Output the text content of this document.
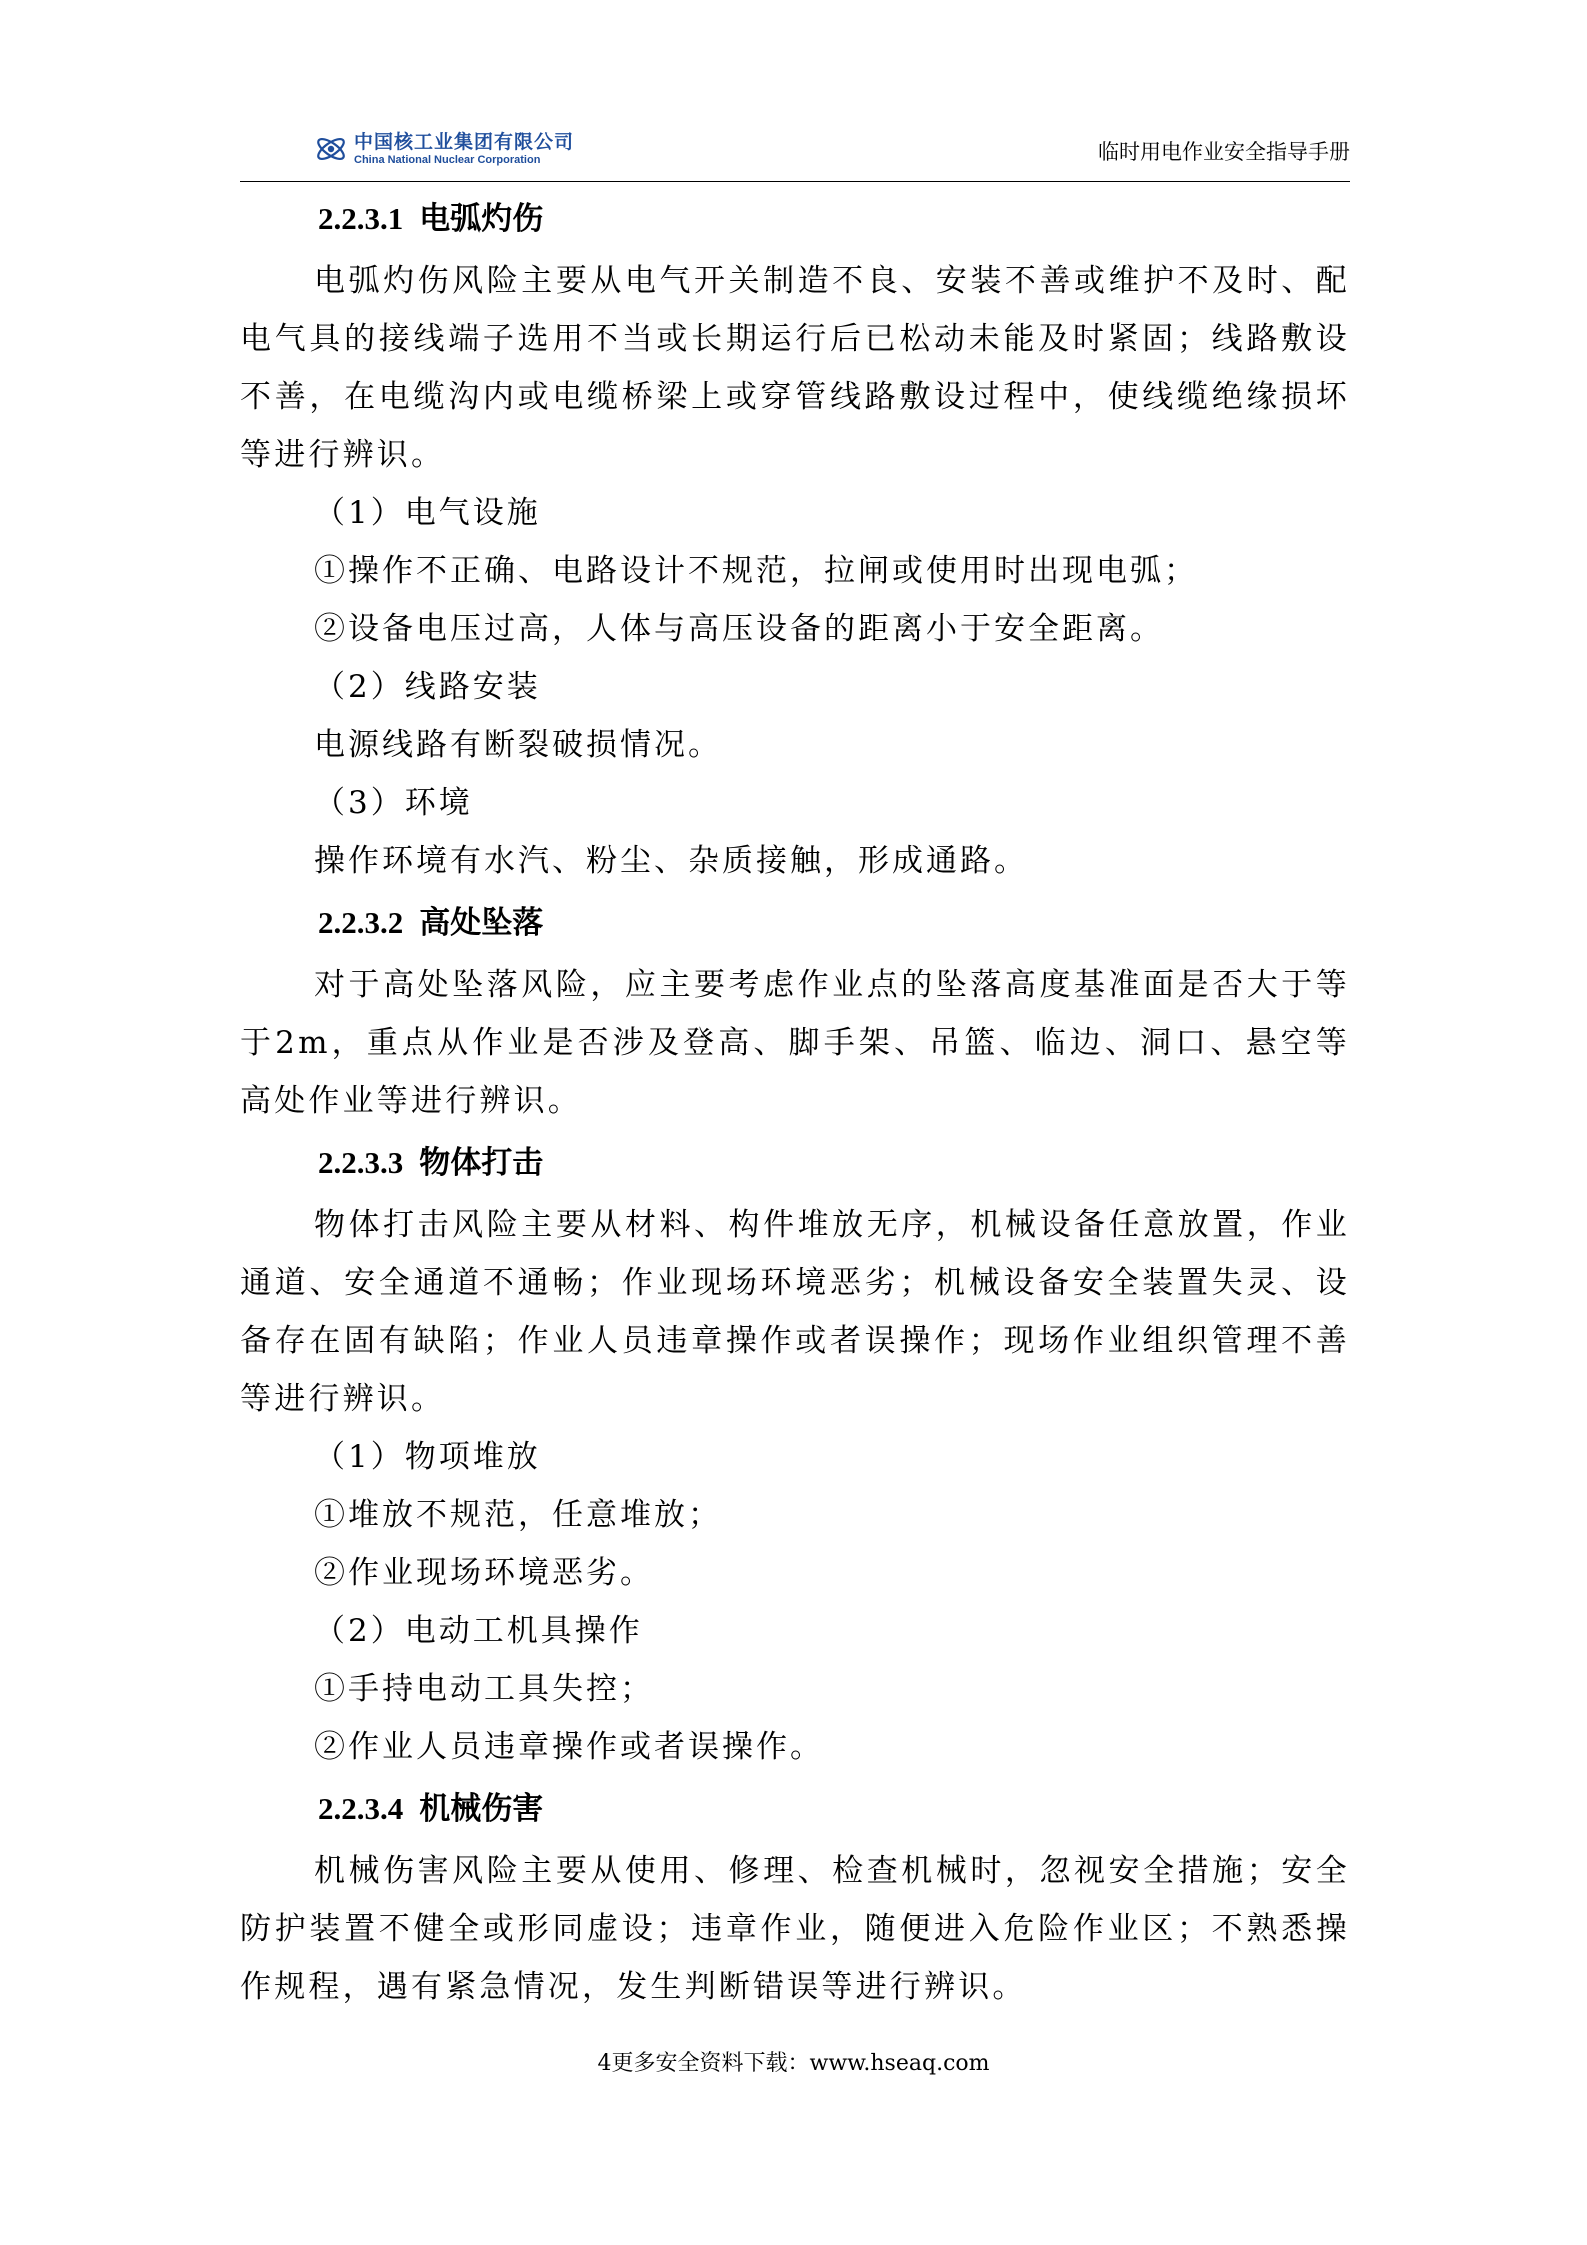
中国核工业集团有限公司
China National Nuclear Corporation	临时用电作业安全指导手册
2.2.3.1 电弧灼伤

电弧灼伤风险主要从电气开关制造不良、安装不善或维护不及时、配电气具的接线端子选用不当或长期运行后已松动未能及时紧固；线路敷设不善，在电缆沟内或电缆桥梁上或穿管线路敷设过程中，使线缆绝缘损坏等进行辨识。

（1）电气设施
①操作不正确、电路设计不规范，拉闸或使用时出现电弧；
②设备电压过高，人体与高压设备的距离小于安全距离。
（2）线路安装
电源线路有断裂破损情况。
（3）环境
操作环境有水汽、粉尘、杂质接触，形成通路。
2.2.3.2 高处坠落

对于高处坠落风险，应主要考虑作业点的坠落高度基准面是否大于等于2m，重点从作业是否涉及登高、脚手架、吊篮、临边、洞口、悬空等高处作业等进行辨识。

2.2.3.3 物体打击

物体打击风险主要从材料、构件堆放无序，机械设备任意放置，作业通道、安全通道不通畅；作业现场环境恶劣；机械设备安全装置失灵、设备存在固有缺陷；作业人员违章操作或者误操作；现场作业组织管理不善等进行辨识。

（1）物项堆放
①堆放不规范，任意堆放；
②作业现场环境恶劣。
（2）电动工机具操作
①手持电动工具失控；
②作业人员违章操作或者误操作。
2.2.3.4 机械伤害

机械伤害风险主要从使用、修理、检查机械时，忽视安全措施；安全防护装置不健全或形同虚设；违章作业，随便进入危险作业区；不熟悉操作规程，遇有紧急情况，发生判断错误等进行辨识。

4更多安全资料下载：www.hseaq.com
